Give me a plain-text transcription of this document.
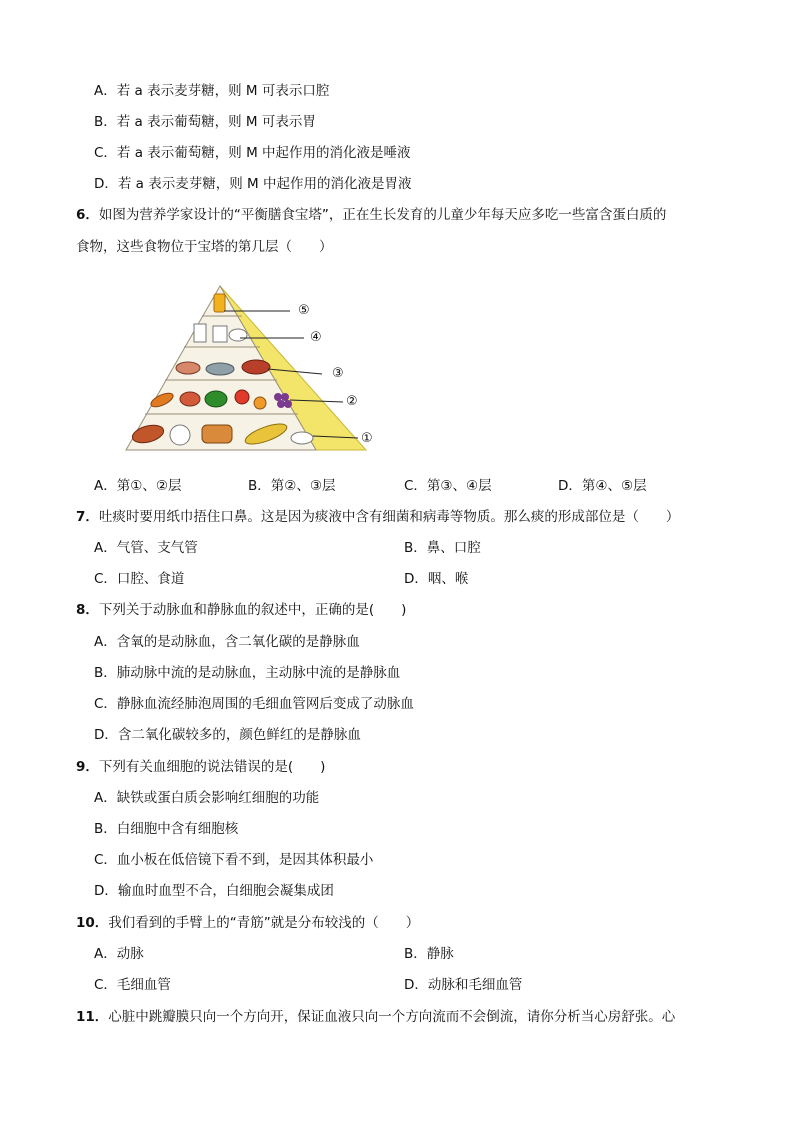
A．若 a 表示麦芽糖，则 M 可表示口腔
B．若 a 表示葡萄糖，则 M 可表示胃
C．若 a 表示葡萄糖，则 M 中起作用的消化液是唾液
D．若 a 表示麦芽糖，则 M 中起作用的消化液是胃液
6．如图为营养学家设计的“平衡膳食宝塔”，正在生长发育的儿童少年每天应多吃一些富含蛋白质的
食物，这些食物位于宝塔的第几层（　　）
⑤
④
③
②
①
A．第①、②层	B．第②、③层	C．第③、④层	D．第④、⑤层
7．吐痰时要用纸巾捂住口鼻。这是因为痰液中含有细菌和病毒等物质。那么痰的形成部位是（　　）
A．气管、支气管	B．鼻、口腔
C．口腔、食道	D．咽、喉
8．下列关于动脉血和静脉血的叙述中，正确的是(　　)
A．含氧的是动脉血，含二氧化碳的是静脉血
B．肺动脉中流的是动脉血，主动脉中流的是静脉血
C．静脉血流经肺泡周围的毛细血管网后变成了动脉血
D．含二氧化碳较多的，颜色鲜红的是静脉血
9．下列有关血细胞的说法错误的是(　　)
A．缺铁或蛋白质会影响红细胞的功能
B．白细胞中含有细胞核
C．血小板在低倍镜下看不到，是因其体积最小
D．输血时血型不合，白细胞会凝集成团
10．我们看到的手臂上的“青筋”就是分布较浅的（　　）
A．动脉	B．静脉
C．毛细血管	D．动脉和毛细血管
11．心脏中跳瓣膜只向一个方向开，保证血液只向一个方向流而不会倒流，请你分析当心房舒张。心
